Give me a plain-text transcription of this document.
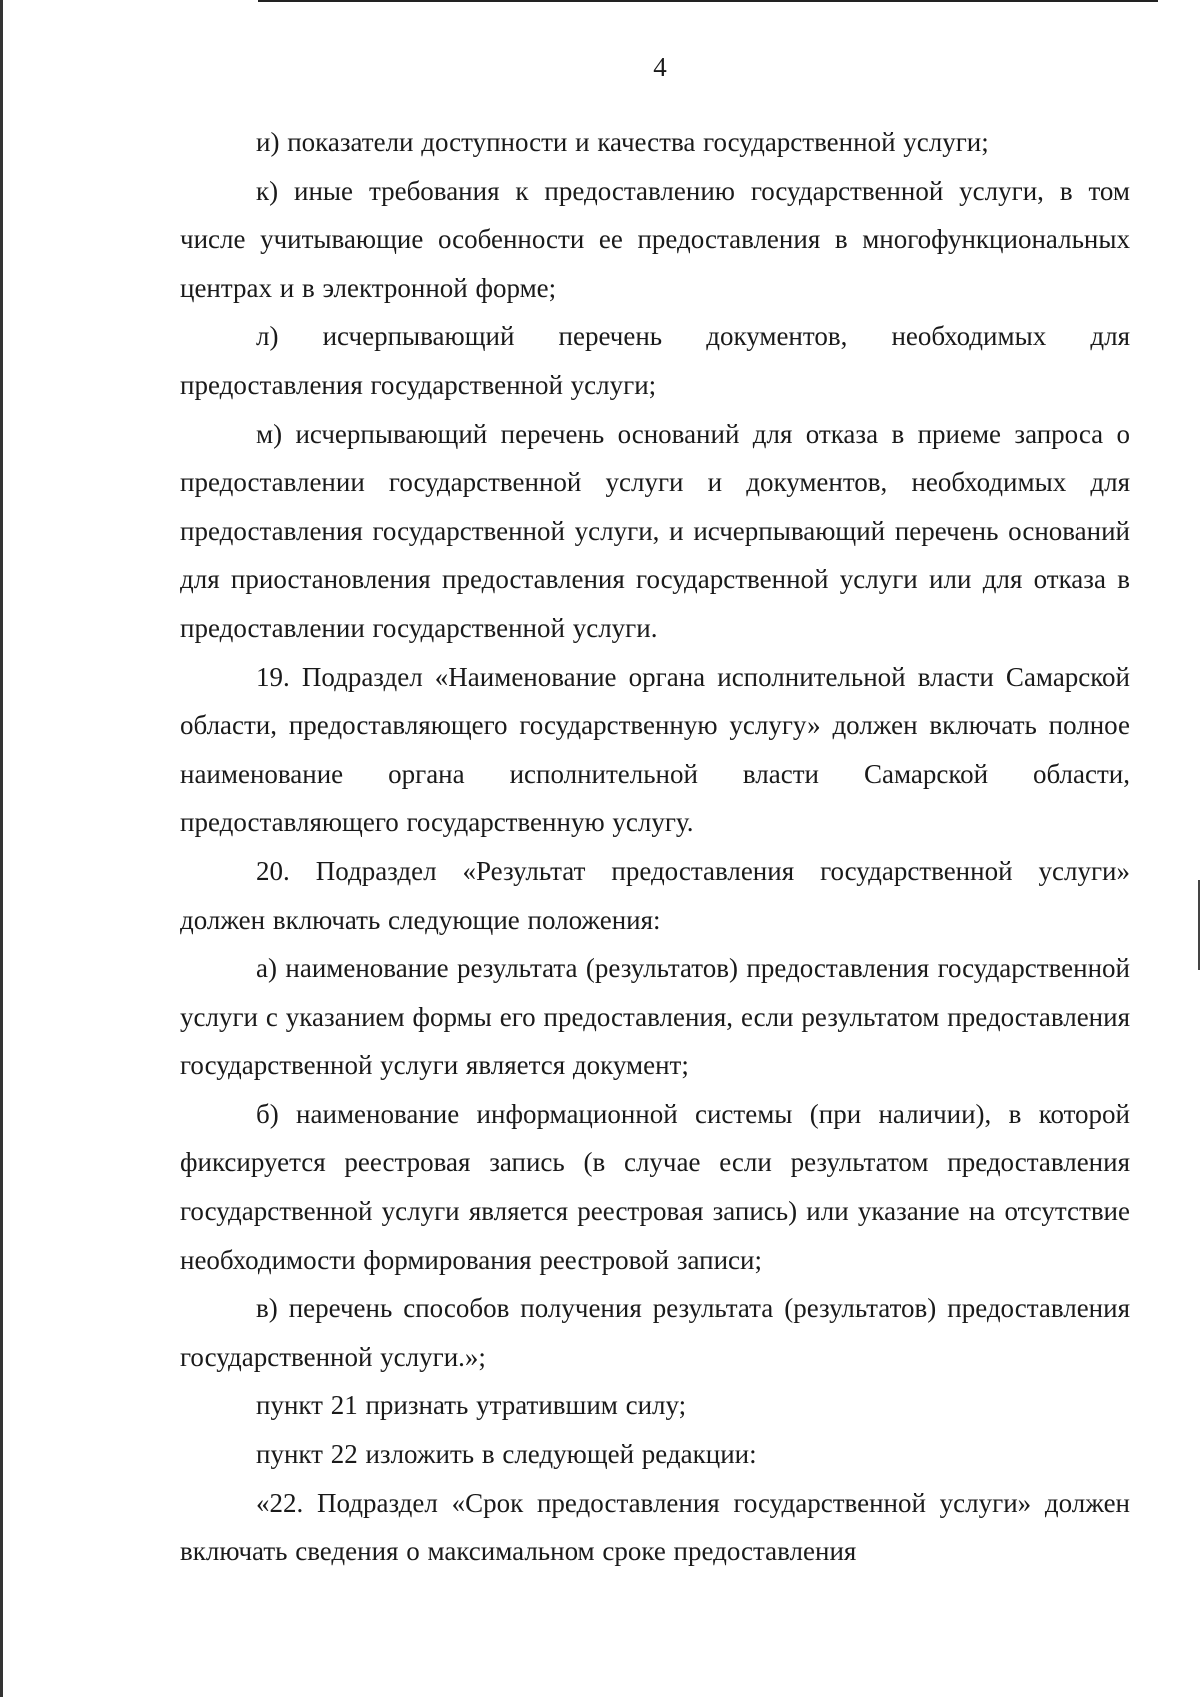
4

и) показатели доступности и качества государственной услуги;

к) иные требования к предоставлению государственной услуги, в том числе учитывающие особенности ее предоставления в многофункциональных центрах и в электронной форме;

л) исчерпывающий перечень документов, необходимых для предоставления государственной услуги;

м) исчерпывающий перечень оснований для отказа в приеме запроса о предоставлении государственной услуги и документов, необходимых для предоставления государственной услуги, и исчерпывающий перечень оснований для приостановления предоставления государственной услуги или для отказа в предоставлении государственной услуги.

19. Подраздел «Наименование органа исполнительной власти Самарской области, предоставляющего государственную услугу» должен включать полное наименование органа исполнительной власти Самарской области, предоставляющего государственную услугу.

20. Подраздел «Результат предоставления государственной услуги» должен включать следующие положения:

а) наименование результата (результатов) предоставления государственной услуги с указанием формы его предоставления, если результатом предоставления государственной услуги является документ;

б) наименование информационной системы (при наличии), в которой фиксируется реестровая запись (в случае если результатом предоставления государственной услуги является реестровая запись) или указание на отсутствие необходимости формирования реестровой записи;

в) перечень способов получения результата (результатов) предоставления государственной услуги.»;

пункт 21 признать утратившим силу;

пункт 22 изложить в следующей редакции:

«22. Подраздел «Срок предоставления государственной услуги» должен включать сведения о максимальном сроке предоставления
